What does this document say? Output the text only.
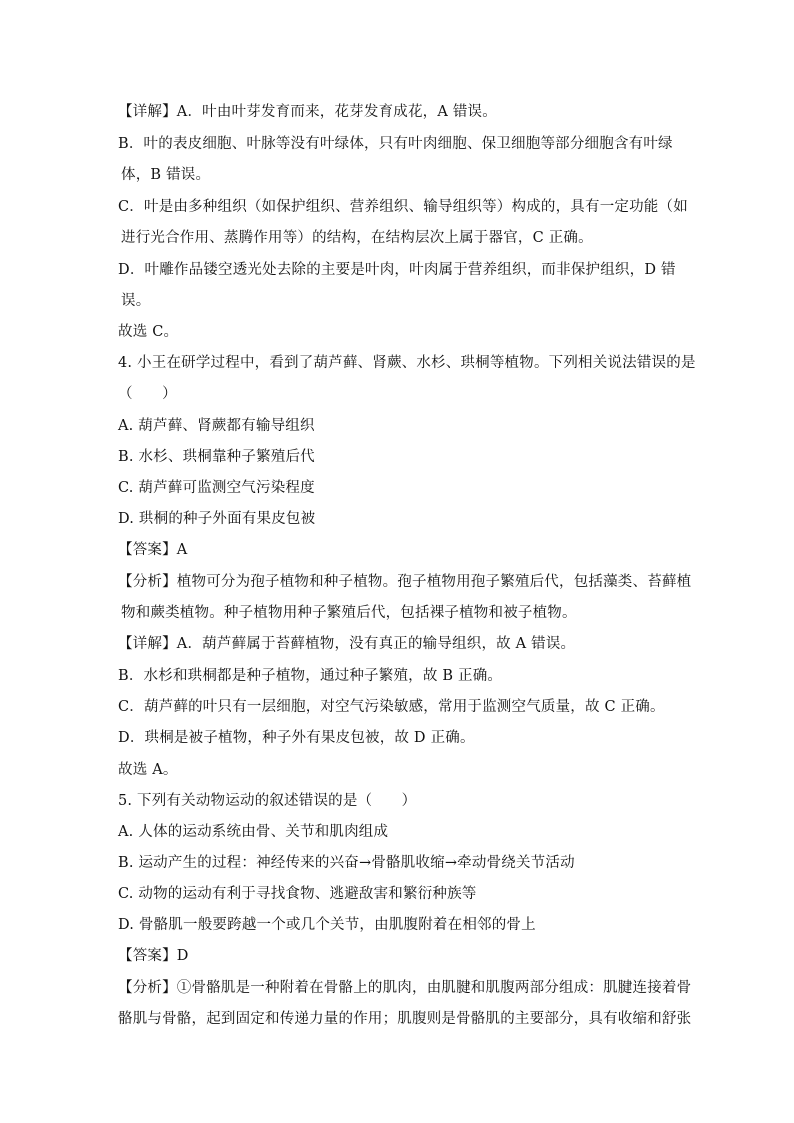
【详解】A．叶由叶芽发育而来，花芽发育成花，A 错误。
B．叶的表皮细胞、叶脉等没有叶绿体，只有叶肉细胞、保卫细胞等部分细胞含有叶绿
体，B 错误。
C．叶是由多种组织（如保护组织、营养组织、输导组织等）构成的，具有一定功能（如
进行光合作用、蒸腾作用等）的结构，在结构层次上属于器官，C 正确。
D．叶雕作品镂空透光处去除的主要是叶肉，叶肉属于营养组织，而非保护组织，D 错
误。
故选 C。
4. 小王在研学过程中，看到了葫芦藓、肾蕨、水杉、珙桐等植物。下列相关说法错误的是
（　　）
A. 葫芦藓、肾蕨都有输导组织
B. 水杉、珙桐靠种子繁殖后代
C. 葫芦藓可监测空气污染程度
D. 珙桐的种子外面有果皮包被
【答案】A
【分析】植物可分为孢子植物和种子植物。孢子植物用孢子繁殖后代，包括藻类、苔藓植
物和蕨类植物。种子植物用种子繁殖后代，包括裸子植物和被子植物。
【详解】A．葫芦藓属于苔藓植物，没有真正的输导组织，故 A 错误。
B．水杉和珙桐都是种子植物，通过种子繁殖，故 B 正确。
C．葫芦藓的叶只有一层细胞，对空气污染敏感，常用于监测空气质量，故 C 正确。
D．珙桐是被子植物，种子外有果皮包被，故 D 正确。
故选 A。
5. 下列有关动物运动的叙述错误的是（　　）
A. 人体的运动系统由骨、关节和肌肉组成
B. 运动产生的过程：神经传来的兴奋→骨骼肌收缩→牵动骨绕关节活动
C. 动物的运动有利于寻找食物、逃避敌害和繁衍种族等
D. 骨骼肌一般要跨越一个或几个关节，由肌腹附着在相邻的骨上
【答案】D
【分析】①骨骼肌是一种附着在骨骼上的肌肉，由肌腱和肌腹两部分组成：肌腱连接着骨
骼肌与骨骼，起到固定和传递力量的作用；肌腹则是骨骼肌的主要部分，具有收缩和舒张
